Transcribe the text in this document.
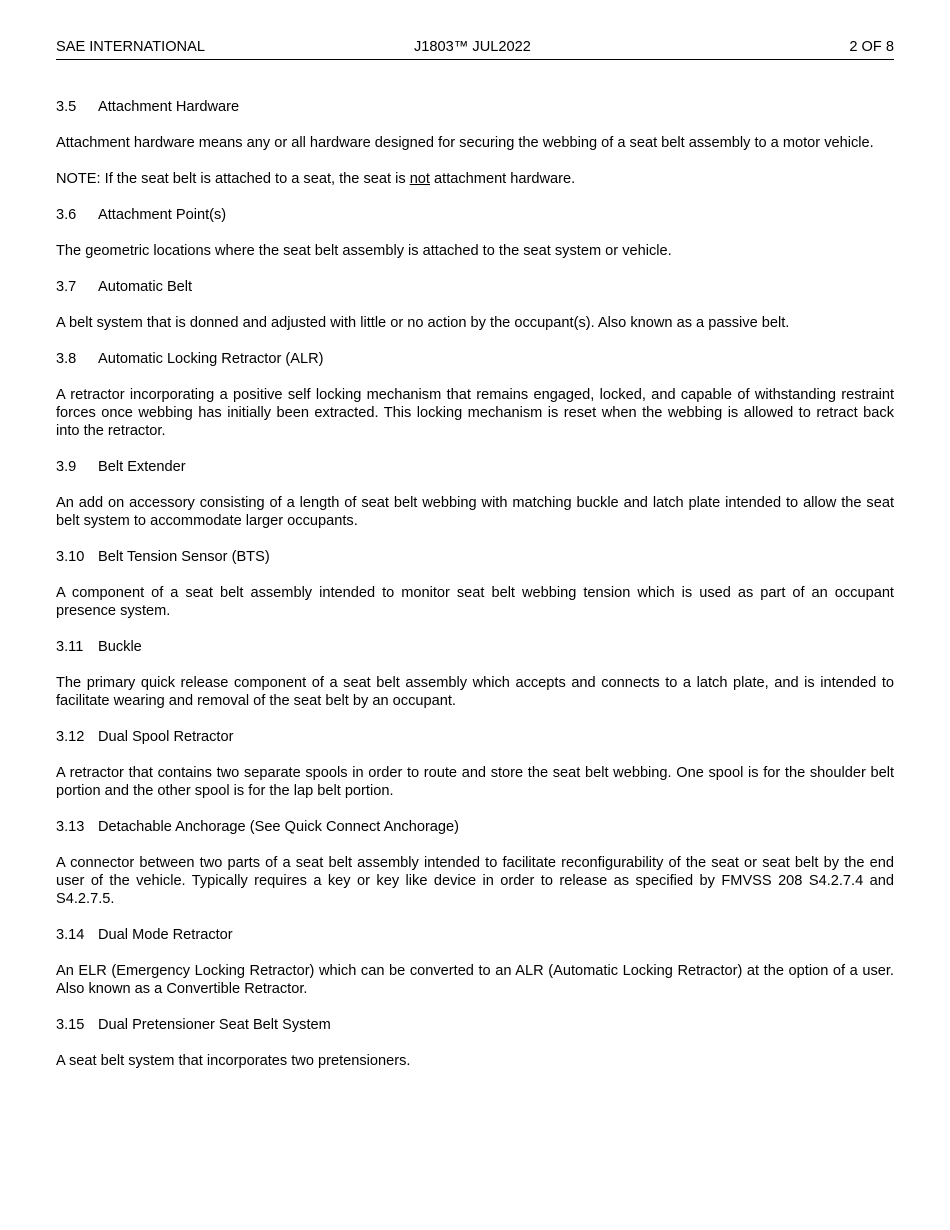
SAE INTERNATIONAL	J1803™ JUL2022	2 OF 8
3.5 Attachment Hardware

Attachment hardware means any or all hardware designed for securing the webbing of a seat belt assembly to a motor vehicle.

NOTE: If the seat belt is attached to a seat, the seat is not attachment hardware.

3.6 Attachment Point(s)

The geometric locations where the seat belt assembly is attached to the seat system or vehicle.

3.7 Automatic Belt

A belt system that is donned and adjusted with little or no action by the occupant(s). Also known as a passive belt.

3.8 Automatic Locking Retractor (ALR)

A retractor incorporating a positive self locking mechanism that remains engaged, locked, and capable of withstanding restraint forces once webbing has initially been extracted. This locking mechanism is reset when the webbing is allowed to retract back into the retractor.

3.9 Belt Extender

An add on accessory consisting of a length of seat belt webbing with matching buckle and latch plate intended to allow the seat belt system to accommodate larger occupants.

3.10 Belt Tension Sensor (BTS)

A component of a seat belt assembly intended to monitor seat belt webbing tension which is used as part of an occupant presence system.

3.11 Buckle

The primary quick release component of a seat belt assembly which accepts and connects to a latch plate, and is intended to facilitate wearing and removal of the seat belt by an occupant.

3.12 Dual Spool Retractor

A retractor that contains two separate spools in order to route and store the seat belt webbing. One spool is for the shoulder belt portion and the other spool is for the lap belt portion.

3.13 Detachable Anchorage (See Quick Connect Anchorage)

A connector between two parts of a seat belt assembly intended to facilitate reconfigurability of the seat or seat belt by the end user of the vehicle. Typically requires a key or key like device in order to release as specified by FMVSS 208 S4.2.7.4 and S4.2.7.5.

3.14 Dual Mode Retractor

An ELR (Emergency Locking Retractor) which can be converted to an ALR (Automatic Locking Retractor) at the option of a user. Also known as a Convertible Retractor.

3.15 Dual Pretensioner Seat Belt System

A seat belt system that incorporates two pretensioners.
